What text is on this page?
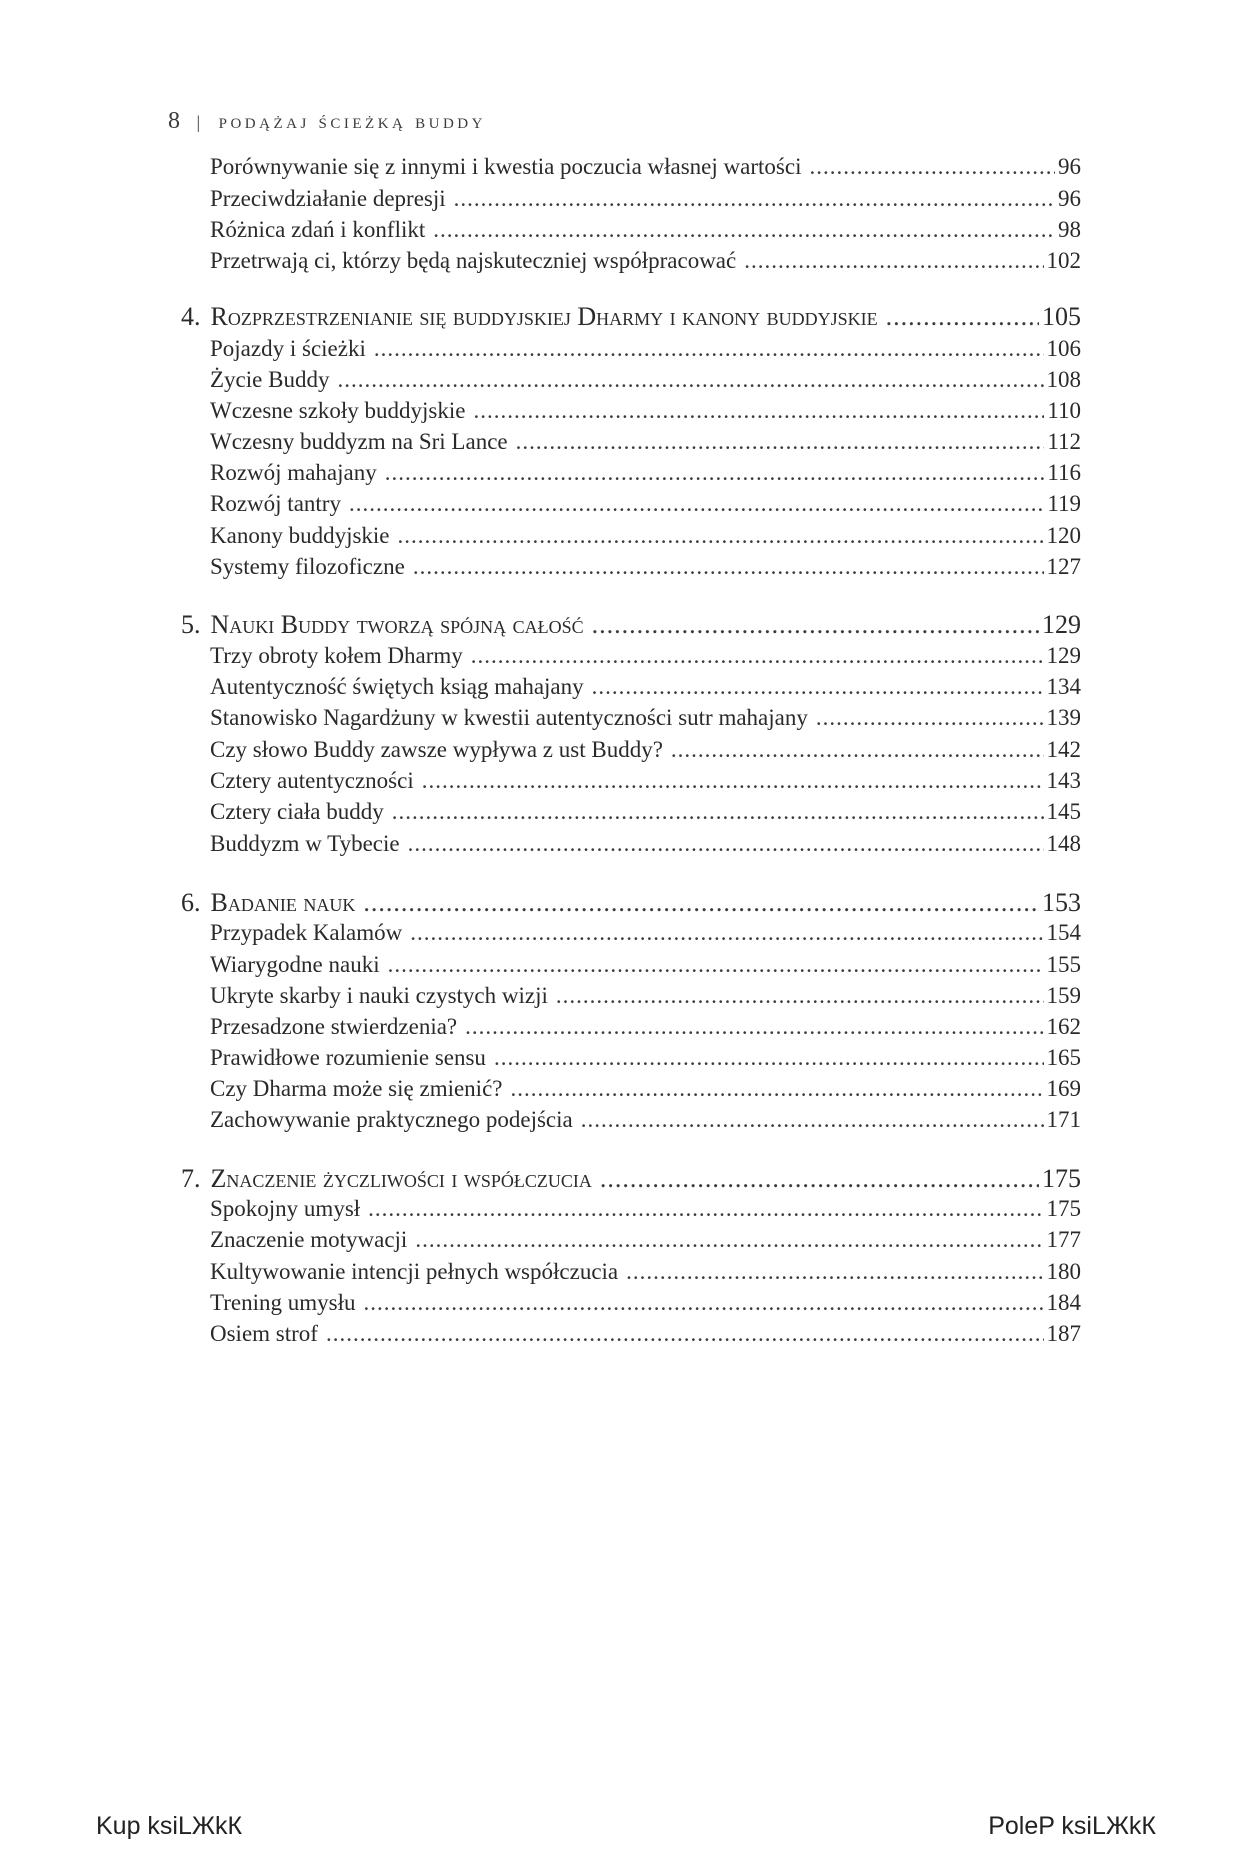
8 | podążaj ścieżką buddy
Porównywanie się z innymi i kwestia poczucia własnej wartości .....	96
Przeciwdziałanie depresji .....	96
Różnica zdań i konflikt .....	98
Przetrwają ci, którzy będą najskuteczniej współpracować .....	102
4. Rozprzestrzenianie się buddyjskiej Dharmy i kanony buddyjskie .....	105
Pojazdy i ścieżki .....	106
Życie Buddy .....	108
Wczesne szkoły buddyjskie .....	110
Wczesny buddyzm na Sri Lance .....	112
Rozwój mahajany .....	116
Rozwój tantry .....	119
Kanony buddyjskie .....	120
Systemy filozoficzne .....	127
5. Nauki Buddy tworzą spójną całość .....	129
Trzy obroty kołem Dharmy .....	129
Autentyczność świętych ksiąg mahajany .....	134
Stanowisko Nagardżuny w kwestii autentyczności sutr mahajany .....	139
Czy słowo Buddy zawsze wypływa z ust Buddy? .....	142
Cztery autentyczności .....	143
Cztery ciała buddy .....	145
Buddyzm w Tybecie .....	148
6. Badanie nauk .....	153
Przypadek Kalamów .....	154
Wiarygodne nauki .....	155
Ukryte skarby i nauki czystych wizji .....	159
Przesadzone stwierdzenia? .....	162
Prawidłowe rozumienie sensu .....	165
Czy Dharma może się zmienić? .....	169
Zachowywanie praktycznego podejścia .....	171
7. Znaczenie życzliwości i współczucia .....	175
Spokojny umysł .....	175
Znaczenie motywacji .....	177
Kultywowanie intencji pełnych współczucia .....	180
Trening umysłu .....	184
Osiem strof .....	187
Kup ksiLЖkК	PoleP ksiLЖkК
